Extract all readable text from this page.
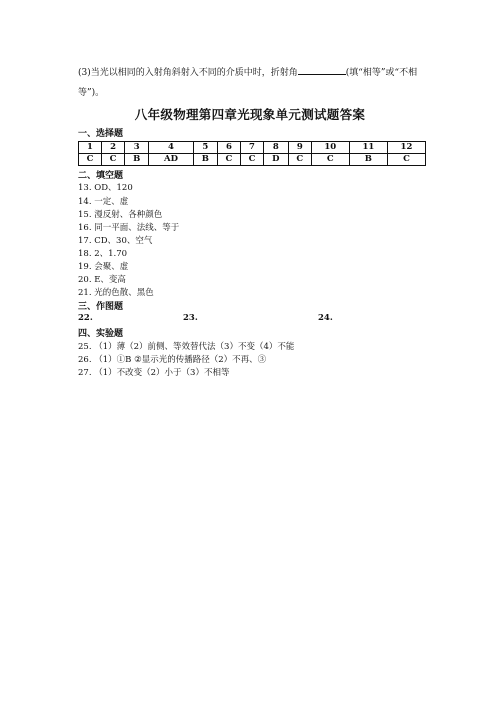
(3)当光以相同的入射角斜射入不同的介质中时，折射角	(填“相等”或“不相
等”)。
八年级物理第四章光现象单元测试题答案
一、选择题
1	2	3	4	5	6	7	8	9	10	11	12
C	C	B	AD	B	C	C	D	C	C	B	C
二、填空题
13. OD、120
14. 一定、虚
15. 漫反射、各种颜色
16. 同一平面、法线、等于
17. CD、30、空气
18. 2、1.70
19. 会聚、虚
20. E、变高
21. 光的色散、黑色
三、作图题
22.	23.	24.
四、实验题
25. （1）薄（2）前侧、等效替代法（3）不变（4）不能
26. （1）①B ②显示光的传播路径（2）不再、③
27. （1）不改变（2）小于（3）不相等
